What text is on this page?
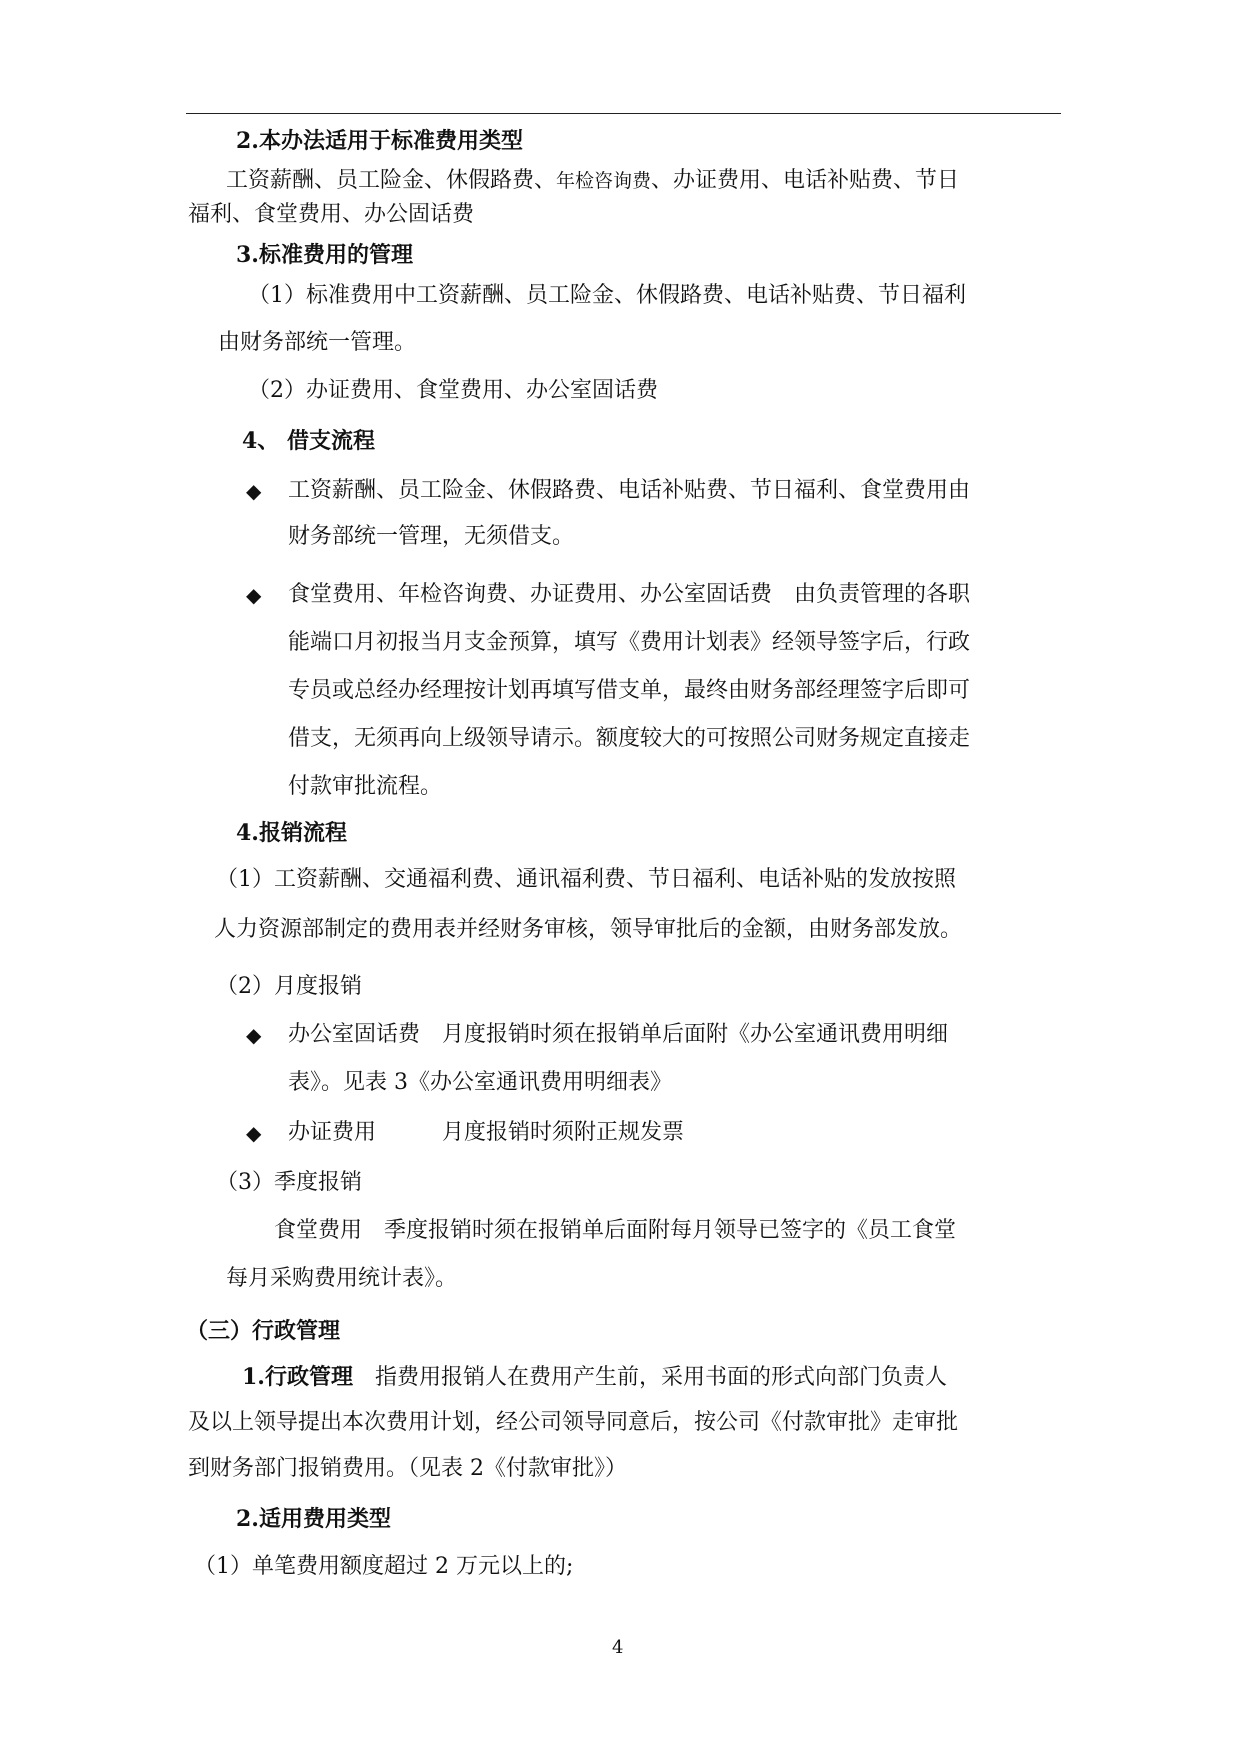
2.本办法适用于标准费用类型
工资薪酬、员工险金、休假路费、年检咨询费、办证费用、电话补贴费、节日
福利、食堂费用、办公固话费
3.标准费用的管理
（1）标准费用中工资薪酬、员工险金、休假路费、电话补贴费、节日福利
由财务部统一管理。
（2）办证费用、食堂费用、办公室固话费
4、 借支流程
◆ 工资薪酬、员工险金、休假路费、电话补贴费、节日福利、食堂费用由
财务部统一管理，无须借支。
◆ 食堂费用、年检咨询费、办证费用、办公室固话费　由负责管理的各职
能端口月初报当月支金预算，填写《费用计划表》经领导签字后，行政
专员或总经办经理按计划再填写借支单，最终由财务部经理签字后即可
借支，无须再向上级领导请示。额度较大的可按照公司财务规定直接走
付款审批流程。
4.报销流程
（1）工资薪酬、交通福利费、通讯福利费、节日福利、电话补贴的发放按照
人力资源部制定的费用表并经财务审核，领导审批后的金额，由财务部发放。
（2）月度报销
◆ 办公室固话费　月度报销时须在报销单后面附《办公室通讯费用明细
表》。见表 3《办公室通讯费用明细表》
◆ 办证费用　　　月度报销时须附正规发票
（3）季度报销
食堂费用　季度报销时须在报销单后面附每月领导已签字的《员工食堂
每月采购费用统计表》。
（三）行政管理
1.行政管理　指费用报销人在费用产生前，采用书面的形式向部门负责人
及以上领导提出本次费用计划，经公司领导同意后，按公司《付款审批》走审批
到财务部门报销费用。（见表 2《付款审批》）
2.适用费用类型
（1）单笔费用额度超过 2 万元以上的;
4
